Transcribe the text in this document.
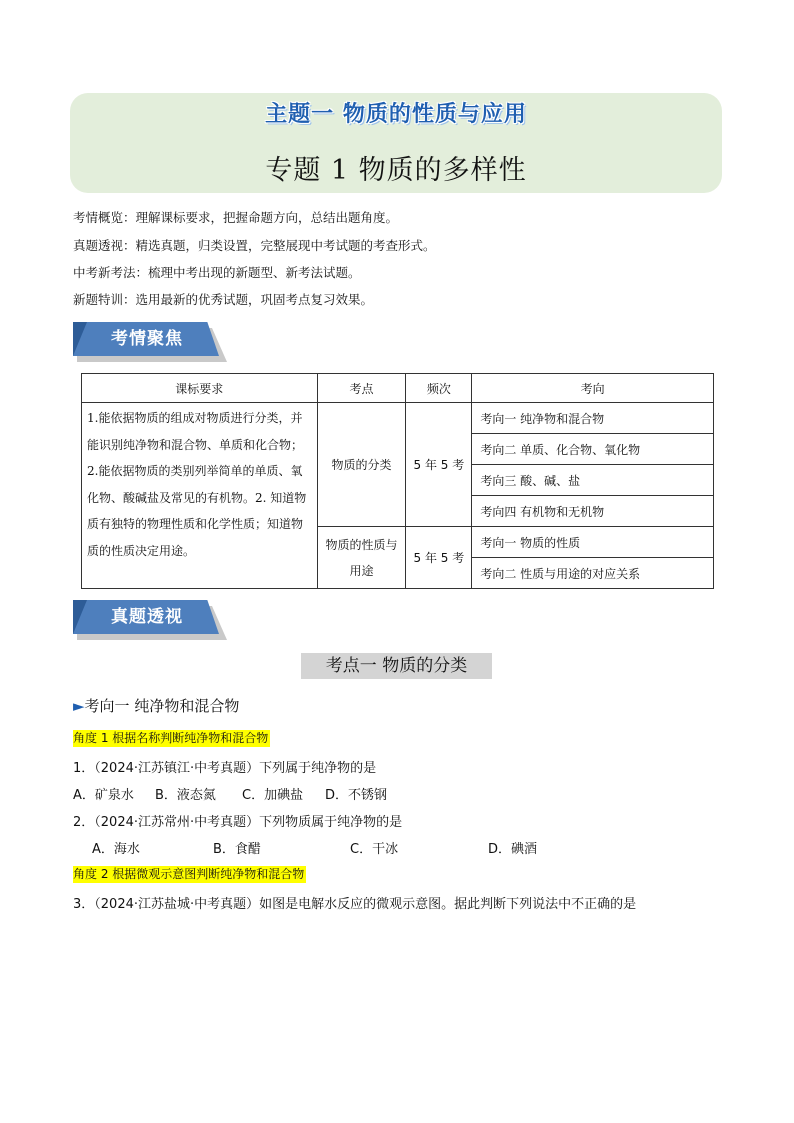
主题一 物质的性质与应用
专题 1 物质的多样性
考情概览：理解课标要求，把握命题方向，总结出题角度。
真题透视：精选真题，归类设置，完整展现中考试题的考查形式。
中考新考法：梳理中考出现的新题型、新考法试题。
新题特训：选用最新的优秀试题，巩固考点复习效果。
考情聚焦
课标要求	考点	频次	考向
1.能依据物质的组成对物质进行分类，并能识别纯净物和混合物、单质和化合物；2.能依据物质的类别列举简单的单质、氧化物、酸碱盐及常见的有机物。2. 知道物质有独特的物理性质和化学性质；知道物质的性质决定用途。	物质的分类	5 年 5 考	考向一 纯净物和混合物
			考向二 单质、化合物、氧化物
			考向三 酸、碱、盐
			考向四 有机物和无机物
	物质的性质与用途	5 年 5 考	考向一 物质的性质
			考向二 性质与用途的对应关系
真题透视
考点一 物质的分类
►考向一 纯净物和混合物
角度 1 根据名称判断纯净物和混合物
1．（2024·江苏镇江·中考真题）下列属于纯净物的是
A．矿泉水 B．液态氮 C．加碘盐 D．不锈钢
2．（2024·江苏常州·中考真题）下列物质属于纯净物的是
A．海水	B．食醋	C．干冰	D．碘酒
角度 2 根据微观示意图判断纯净物和混合物
3．（2024·江苏盐城·中考真题）如图是电解水反应的微观示意图。据此判断下列说法中不正确的是
